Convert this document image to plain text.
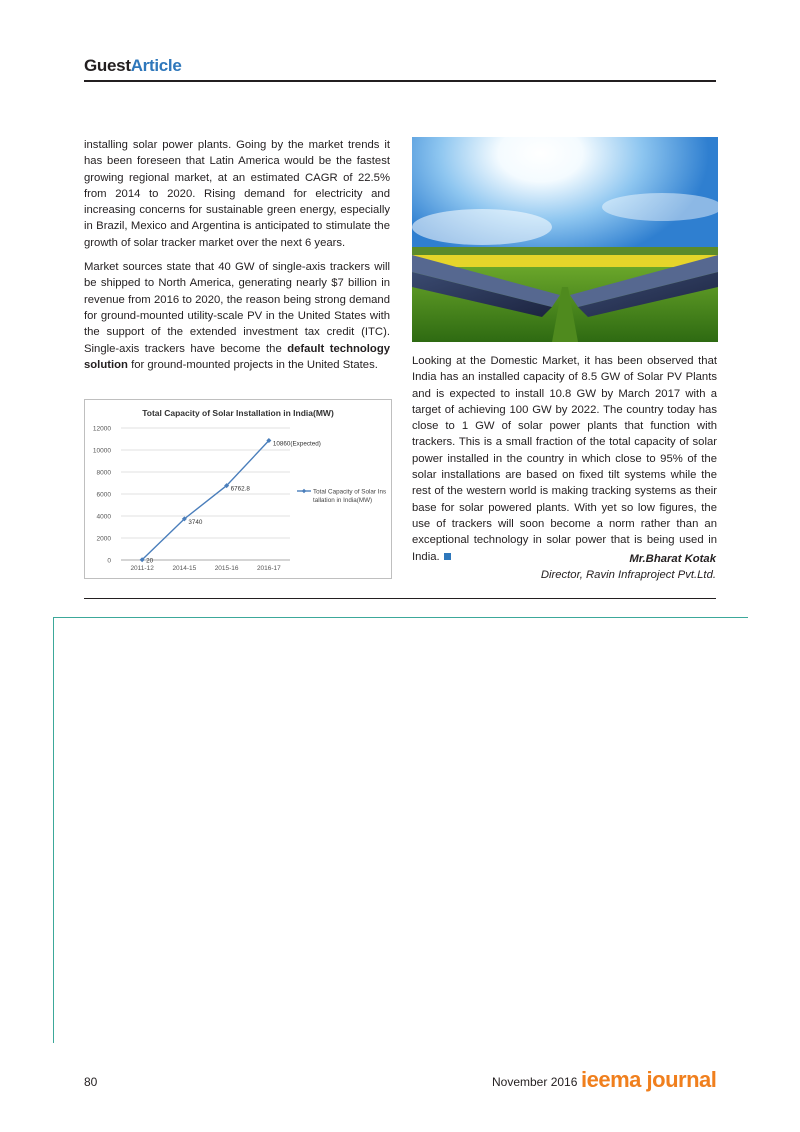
GuestArticle

installing solar power plants. Going by the market trends it has been foreseen that Latin America would be the fastest growing regional market, at an estimated CAGR of 22.5% from 2014 to 2020. Rising demand for electricity and increasing concerns for sustainable green energy, especially in Brazil, Mexico and Argentina is anticipated to stimulate the growth of solar tracker market over the next 6 years.

Market sources state that 40 GW of single-axis trackers will be shipped to North America, generating nearly $7 billion in revenue from 2016 to 2020, the reason being strong demand for ground-mounted utility-scale PV in the United States with the support of the extended investment tax credit (ITC). Single-axis trackers have become the default technology solution for ground-mounted projects in the United States.

Total Capacity of Solar Installation in India(MW)
0
2000
4000
6000
8000
10000
12000
2011-12	2014-15	2015-16	2016-17
20
3740
6762.8
10860(Expected)
Total Capacity of Solar Ins
tallation in India(MW)

Looking at the Domestic Market, it has been observed that India has an installed capacity of 8.5 GW of Solar PV Plants and is expected to install 10.8 GW by March 2017 with a target of achieving 100 GW by 2022. The country today has close to 1 GW of solar power plants that function with trackers. This is a small fraction of the total capacity of solar power installed in the country in which close to 95% of the solar installations are based on fixed tilt systems while the rest of the western world is making tracking systems as their base for solar powered plants. With yet so low figures, the use of trackers will soon become a norm rather than an exceptional technology in solar power that is being used in India.	Mr.Bharat Kotak
Director, Ravin Infraproject Pvt.Ltd.
80	November 2016 ieema journal
